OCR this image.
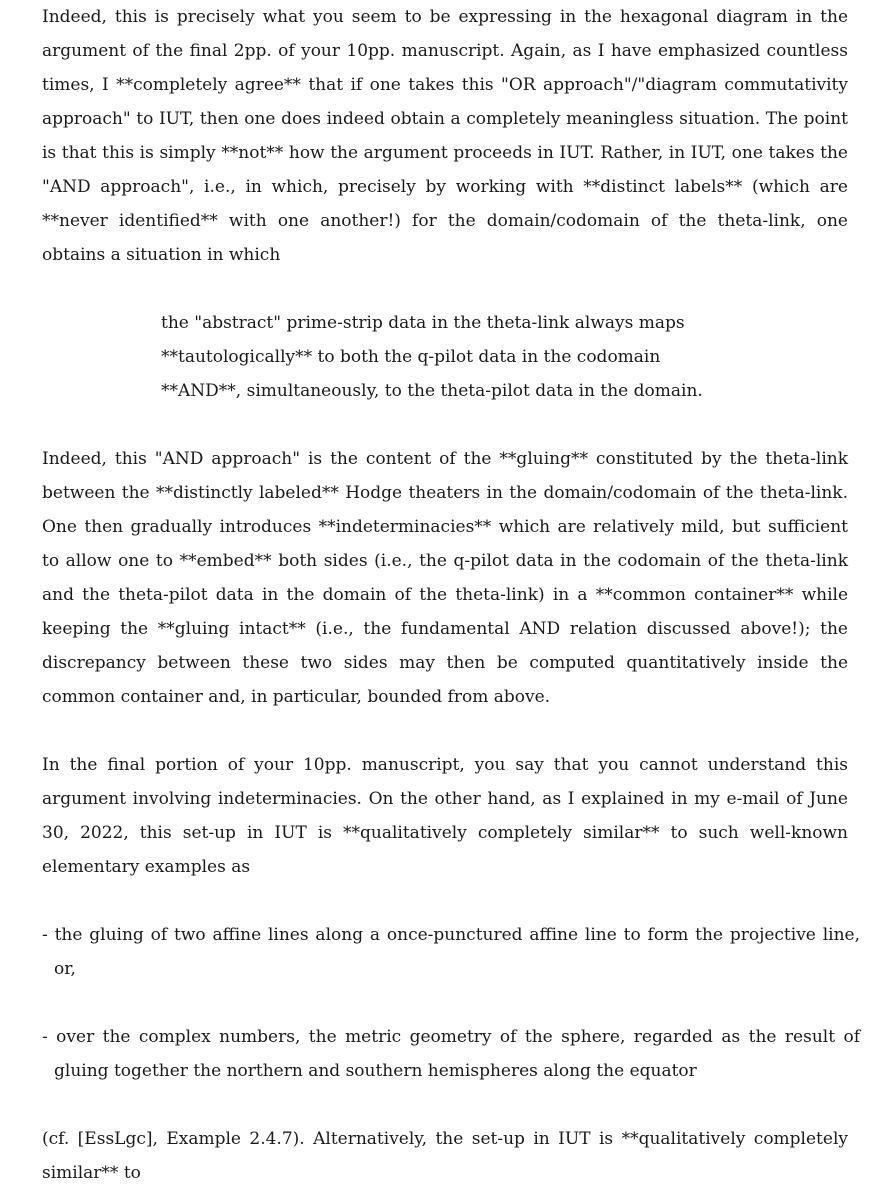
Indeed, this is precisely what you seem to be expressing in the hexagonal diagram in the argument of the final 2pp. of your 10pp. manuscript. Again, as I have emphasized countless times, I **completely agree** that if one takes this "OR approach"/"diagram commutativity approach" to IUT, then one does indeed obtain a completely meaningless situation. The point is that this is simply **not** how the argument proceeds in IUT. Rather, in IUT, one takes the "AND approach", i.e., in which, precisely by working with **distinct labels** (which are **never identified** with one another!) for the domain/codomain of the theta-link, one obtains a situation in which

the "abstract" prime-strip data in the theta-link always maps
**tautologically** to both the q-pilot data in the codomain
**AND**, simultaneously, to the theta-pilot data in the domain.

Indeed, this "AND approach" is the content of the **gluing** constituted by the theta-link between the **distinctly labeled** Hodge theaters in the domain/codomain of the theta-link. One then gradually introduces **indeterminacies** which are relatively mild, but sufficient to allow one to **embed** both sides (i.e., the q-pilot data in the codomain of the theta-link and the theta-pilot data in the domain of the theta-link) in a **common container** while keeping the **gluing intact** (i.e., the fundamental AND relation discussed above!); the discrepancy between these two sides may then be computed quantitatively inside the common container and, in particular, bounded from above.

In the final portion of your 10pp. manuscript, you say that you cannot understand this argument involving indeterminacies. On the other hand, as I explained in my e-mail of June 30, 2022, this set-up in IUT is **qualitatively completely similar** to such well-known elementary examples as

- the gluing of two affine lines along a once-punctured affine line to form the projective line, or,

- over the complex numbers, the metric geometry of the sphere, regarded as the result of gluing together the northern and southern hemispheres along the equator

(cf. [EssLgc], Example 2.4.7). Alternatively, the set-up in IUT is **qualitatively completely similar** to
